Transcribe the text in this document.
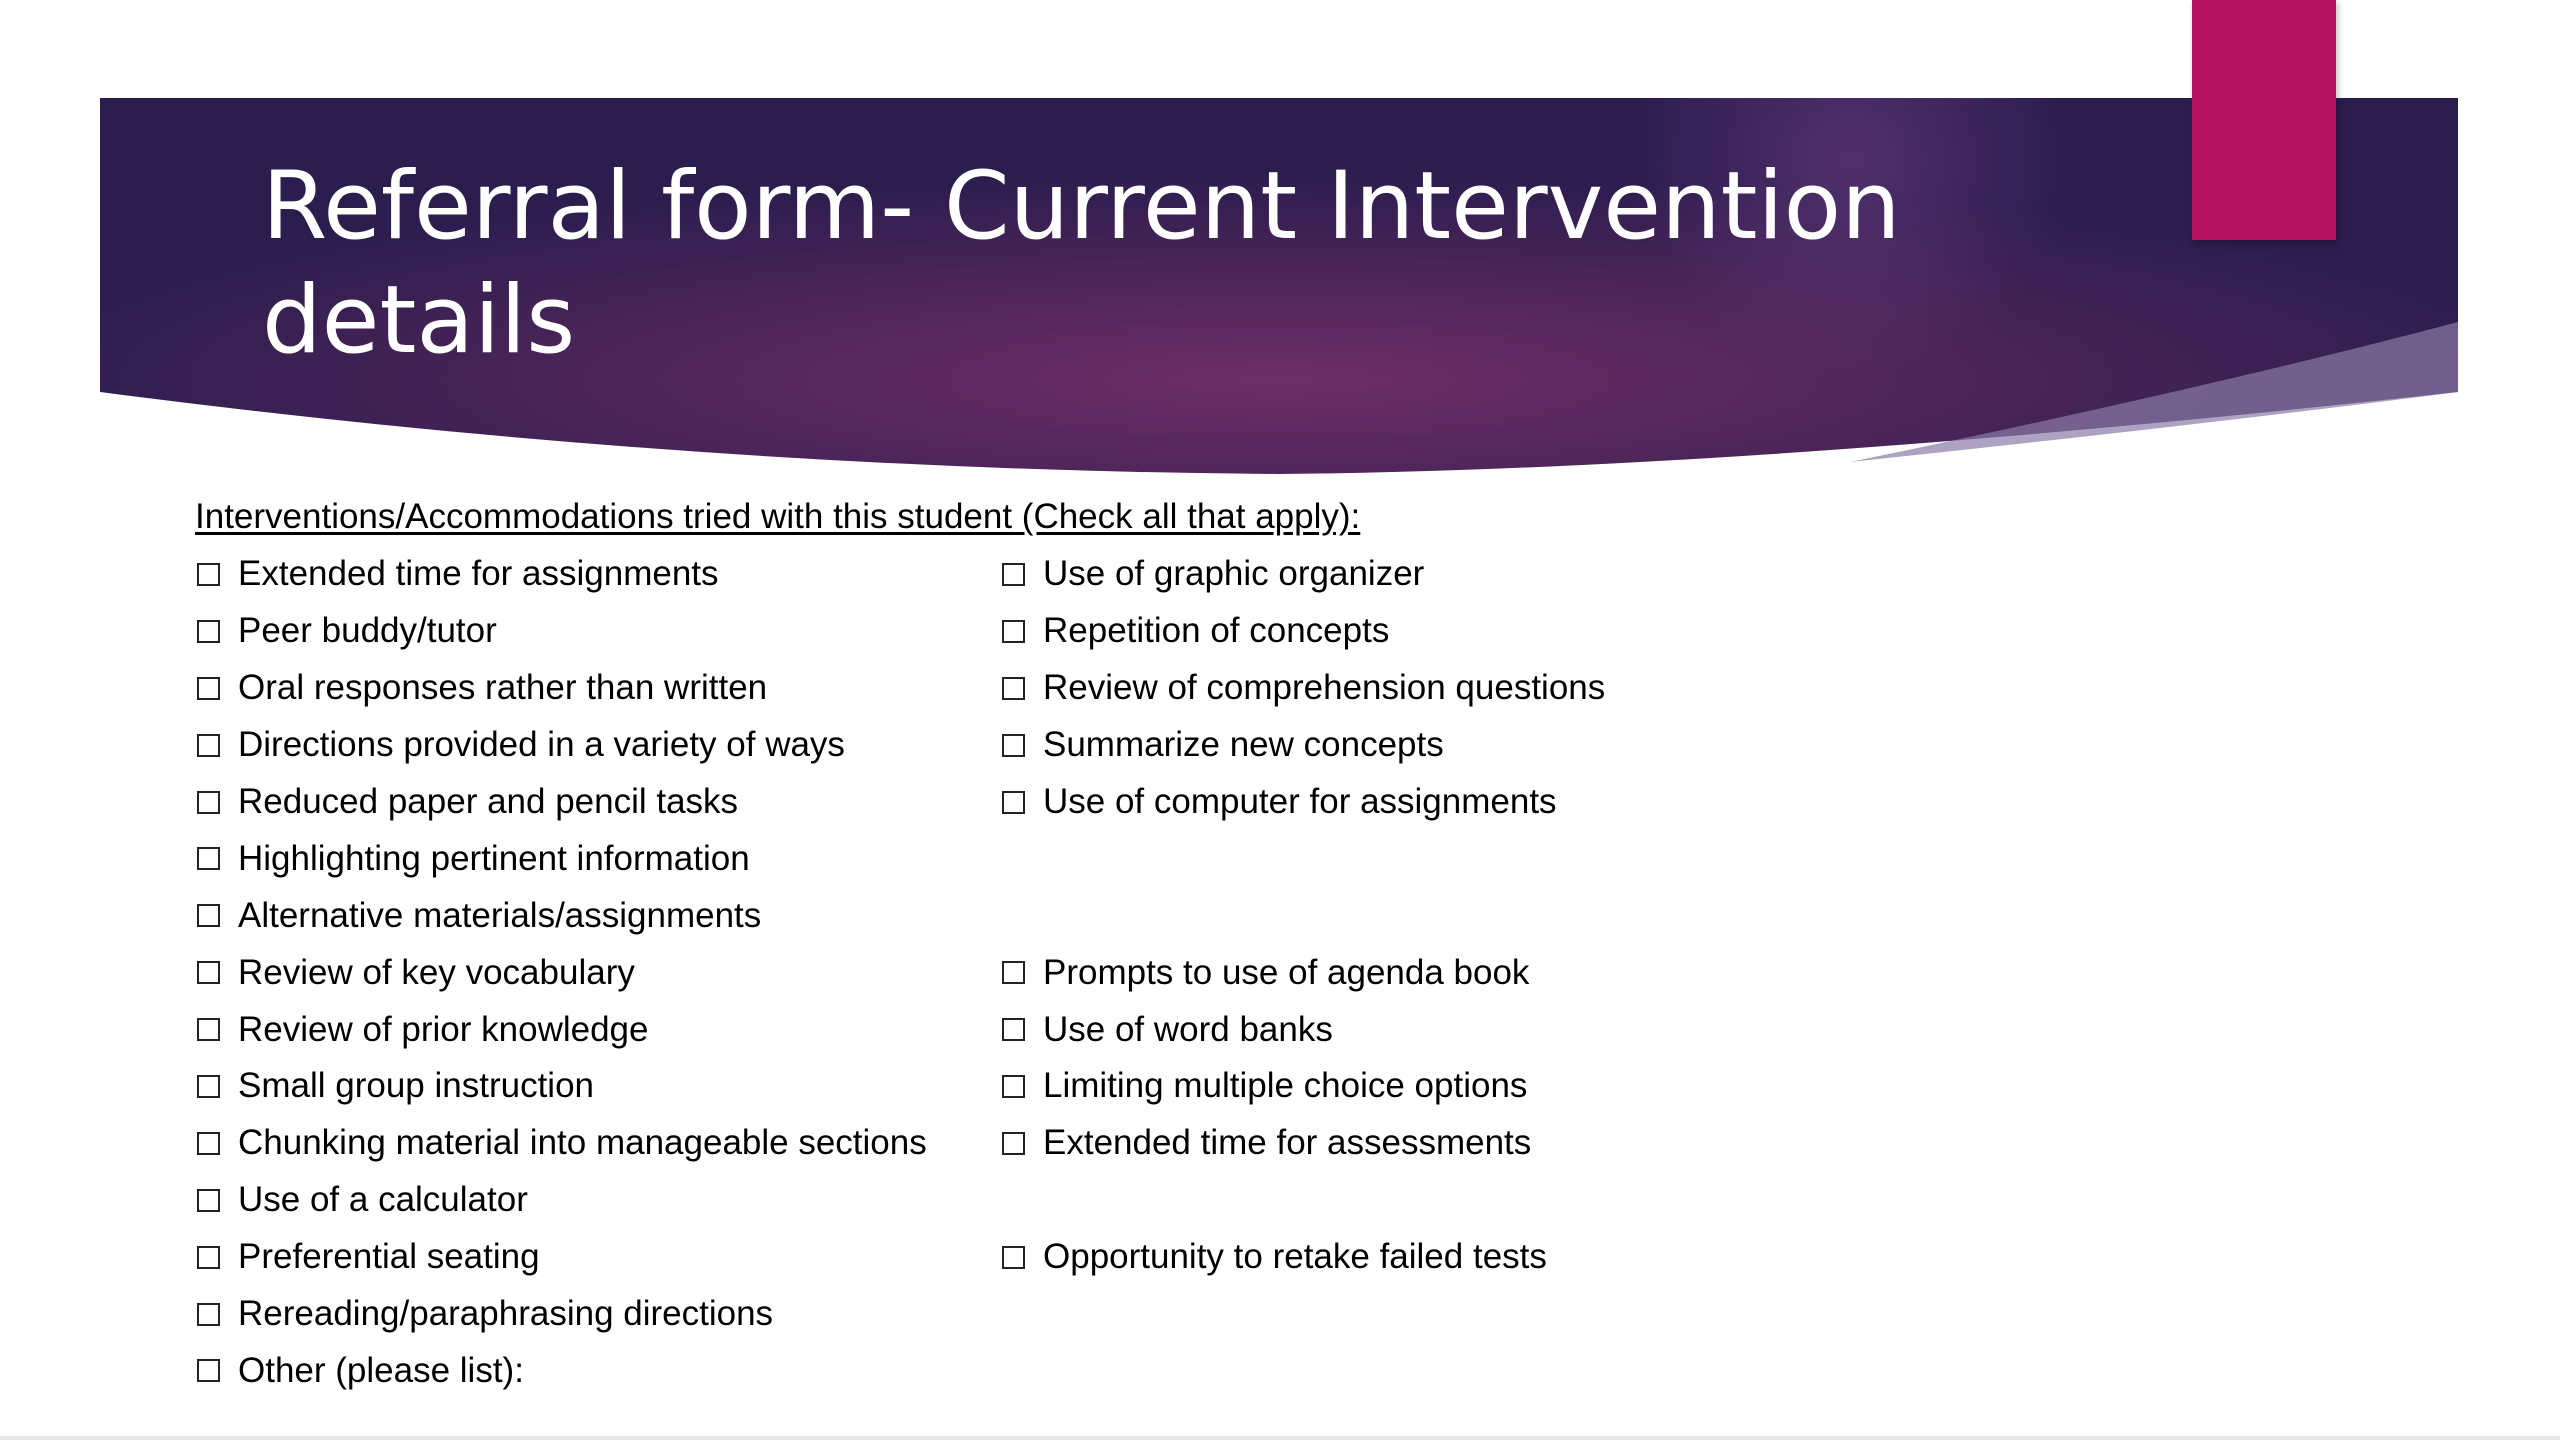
Referral form- Current Intervention details

Interventions/Accommodations tried with this student (Check all that apply):

Extended time for assignments
Peer buddy/tutor
Oral responses rather than written
Directions provided in a variety of ways
Reduced paper and pencil tasks
Highlighting pertinent information
Alternative materials/assignments
Review of key vocabulary
Review of prior knowledge
Small group instruction
Chunking material into manageable sections
Use of a calculator
Preferential seating
Rereading/paraphrasing directions
Other (please list):
Use of graphic organizer
Repetition of concepts
Review of comprehension questions
Summarize new concepts
Use of computer for assignments
Prompts to use of agenda book
Use of word banks
Limiting multiple choice options
Extended time for assessments
Opportunity to retake failed tests
